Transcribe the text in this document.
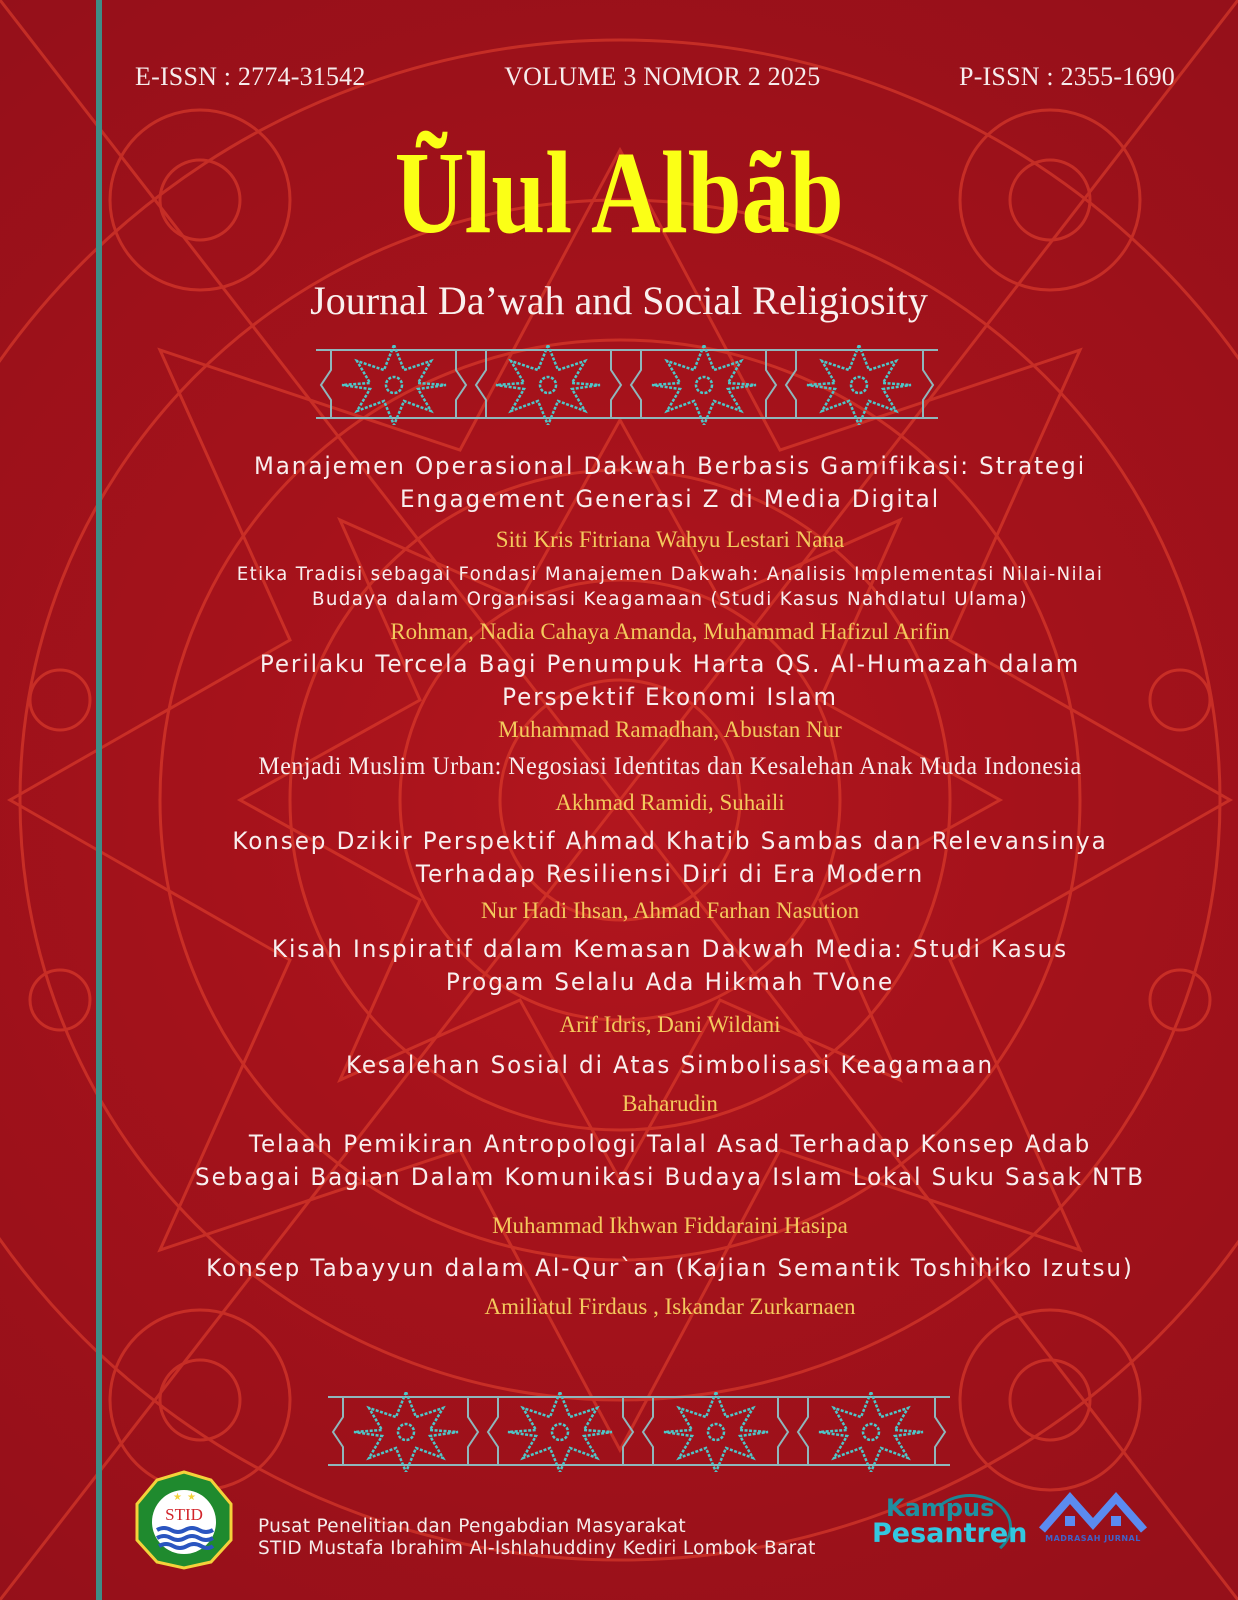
E-ISSN : 2774-31542	VOLUME 3 NOMOR 2 2025	P-ISSN : 2355-1690
Ũlul Albãb
Journal Da’wah and Social Religiosity
Manajemen Operasional Dakwah Berbasis Gamifikasi: Strategi
Engagement Generasi Z di Media Digital
Siti Kris Fitriana Wahyu Lestari Nana
Etika Tradisi sebagai Fondasi Manajemen Dakwah: Analisis Implementasi Nilai-Nilai
Budaya dalam Organisasi Keagamaan (Studi Kasus Nahdlatul Ulama)
Rohman, Nadia Cahaya Amanda, Muhammad Hafizul Arifin
Perilaku Tercela Bagi Penumpuk Harta QS. Al-Humazah dalam
Perspektif Ekonomi Islam
Muhammad Ramadhan, Abustan Nur
Menjadi Muslim Urban: Negosiasi Identitas dan Kesalehan Anak Muda Indonesia
Akhmad Ramidi, Suhaili
Konsep Dzikir Perspektif Ahmad Khatib Sambas dan Relevansinya
Terhadap Resiliensi Diri di Era Modern
Nur Hadi Ihsan, Ahmad Farhan Nasution
Kisah Inspiratif dalam Kemasan Dakwah Media: Studi Kasus
Progam Selalu Ada Hikmah TVone
Arif Idris, Dani Wildani
Kesalehan Sosial di Atas Simbolisasi Keagamaan
Baharudin
Telaah Pemikiran Antropologi Talal Asad Terhadap Konsep Adab
Sebagai Bagian Dalam Komunikasi Budaya Islam Lokal Suku Sasak NTB
Muhammad Ikhwan Fiddaraini Hasipa
Konsep Tabayyun dalam Al-Qur`an (Kajian Semantik Toshihiko Izutsu)
Amiliatul Firdaus , Iskandar Zurkarnaen
★ ★
STID
Pusat Penelitian dan Pengabdian Masyarakat
STID Mustafa Ibrahim Al-Ishlahuddiny Kediri Lombok Barat
Kampus
Pesantren	MADRASAH JURNAL
